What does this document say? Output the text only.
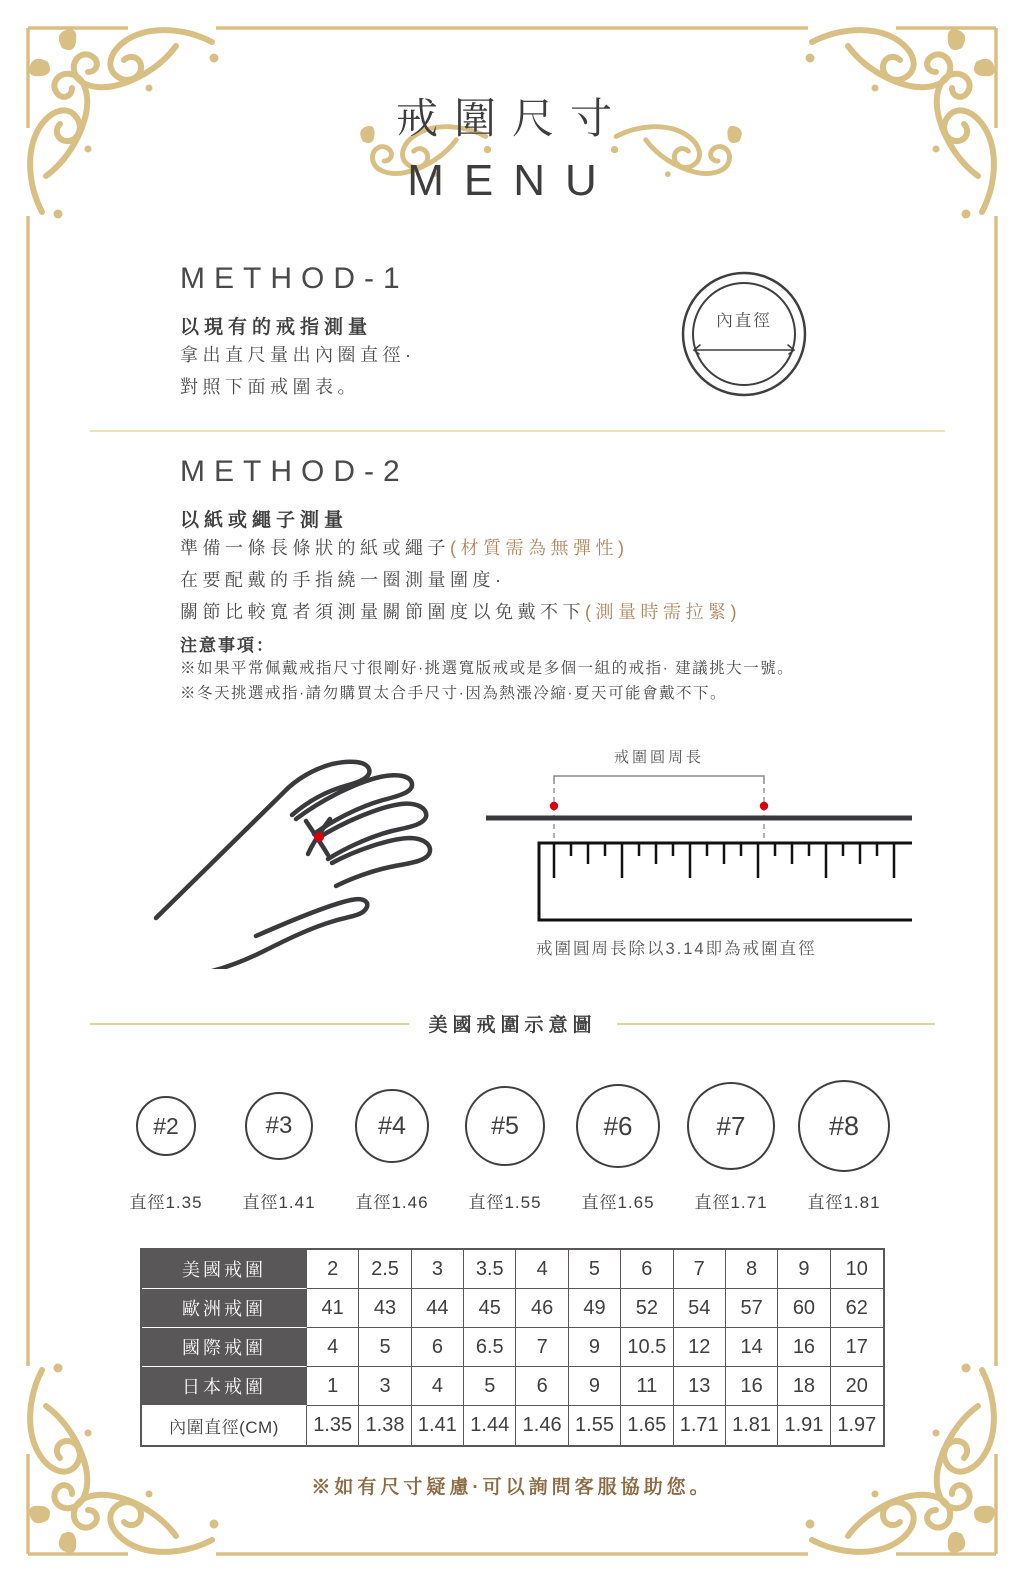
戒圍尺寸
MENU
METHOD-1
以現有的戒指測量
拿出直尺量出內圈直徑·
對照下面戒圍表。
內直徑
METHOD-2
以紙或繩子測量
準備一條長條狀的紙或繩子(材質需為無彈性)
在要配戴的手指繞一圈測量圍度·
關節比較寬者須測量關節圍度以免戴不下(測量時需拉緊)
注意事項：
※如果平常佩戴戒指尺寸很剛好·挑選寬版戒或是多個一組的戒指· 建議挑大一號。
※冬天挑選戒指·請勿購買太合手尺寸·因為熱漲冷縮·夏天可能會戴不下。
戒圍圓周長
戒圍圓周長除以3.14即為戒圍直徑
美國戒圍示意圖
#2	#3	#4	#5	#6	#7	#8
直徑1.35	直徑1.41	直徑1.46	直徑1.55	直徑1.65	直徑1.71	直徑1.81
美國戒圍	2	2.5	3	3.5	4	5	6	7	8	9	10
歐洲戒圍	41	43	44	45	46	49	52	54	57	60	62
國際戒圍	4	5	6	6.5	7	9	10.5	12	14	16	17
日本戒圍	1	3	4	5	6	9	11	13	16	18	20
內圍直徑(CM)	1.35 1.38 1.41 1.44 1.46 1.55 1.65 1.71 1.81 1.91 1.97
※如有尺寸疑慮·可以詢問客服協助您。
